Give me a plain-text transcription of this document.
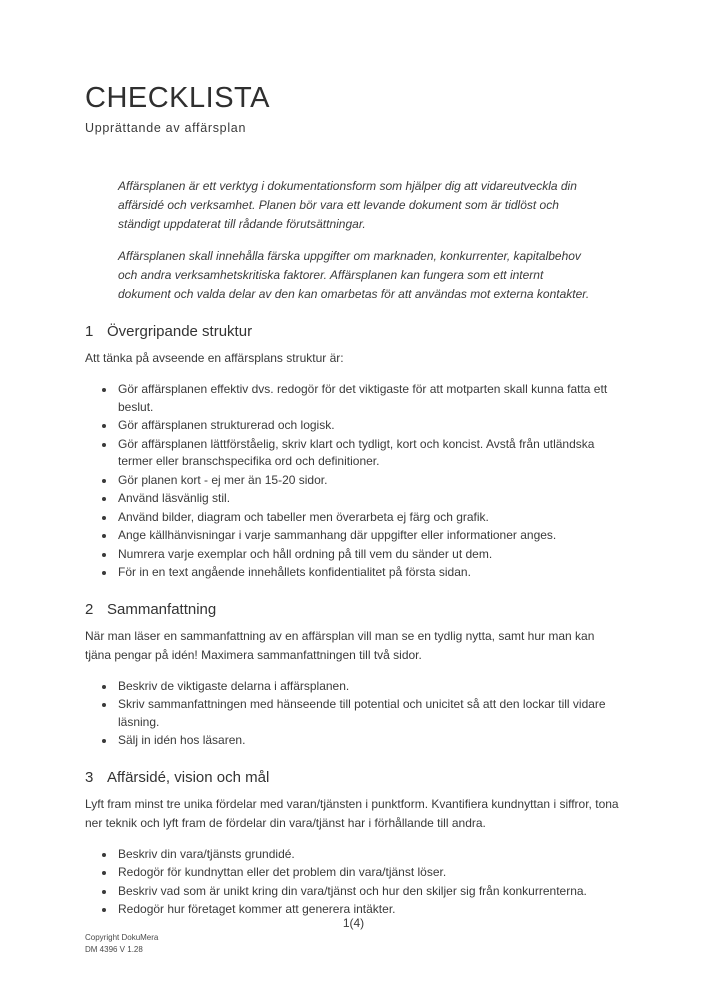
CHECKLISTA
Upprättande av affärsplan

Affärsplanen är ett verktyg i dokumentationsform som hjälper dig att vidareutveckla din affärsidé och verksamhet. Planen bör vara ett levande dokument som är tidlöst och ständigt uppdaterat till rådande förutsättningar.

Affärsplanen skall innehålla färska uppgifter om marknaden, konkurrenter, kapitalbehov och andra verksamhetskritiska faktorer. Affärsplanen kan fungera som ett internt dokument och valda delar av den kan omarbetas för att användas mot externa kontakter.

1 Övergripande struktur

Att tänka på avseende en affärsplans struktur är:

• Gör affärsplanen effektiv dvs. redogör för det viktigaste för att motparten skall kunna fatta ett beslut.
• Gör affärsplanen strukturerad och logisk.
• Gör affärsplanen lättförståelig, skriv klart och tydligt, kort och koncist. Avstå från utländska termer eller branschspecifika ord och definitioner.
• Gör planen kort - ej mer än 15-20 sidor.
• Använd läsvänlig stil.
• Använd bilder, diagram och tabeller men överarbeta ej färg och grafik.
• Ange källhänvisningar i varje sammanhang där uppgifter eller informationer anges.
• Numrera varje exemplar och håll ordning på till vem du sänder ut dem.
• För in en text angående innehållets konfidentialitet på första sidan.
2 Sammanfattning

När man läser en sammanfattning av en affärsplan vill man se en tydlig nytta, samt hur man kan tjäna pengar på idén! Maximera sammanfattningen till två sidor.

• Beskriv de viktigaste delarna i affärsplanen.
• Skriv sammanfattningen med hänseende till potential och unicitet så att den lockar till vidare läsning.
• Sälj in idén hos läsaren.
3 Affärsidé, vision och mål

Lyft fram minst tre unika fördelar med varan/tjänsten i punktform. Kvantifiera kundnyttan i siffror, tona ner teknik och lyft fram de fördelar din vara/tjänst har i förhållande till andra.

• Beskriv din vara/tjänsts grundidé.
• Redogör för kundnyttan eller det problem din vara/tjänst löser.
• Beskriv vad som är unikt kring din vara/tjänst och hur den skiljer sig från konkurrenterna.
• Redogör hur företaget kommer att generera intäkter.
1(4)
Copyright DokuMera
DM 4396 V 1.28
